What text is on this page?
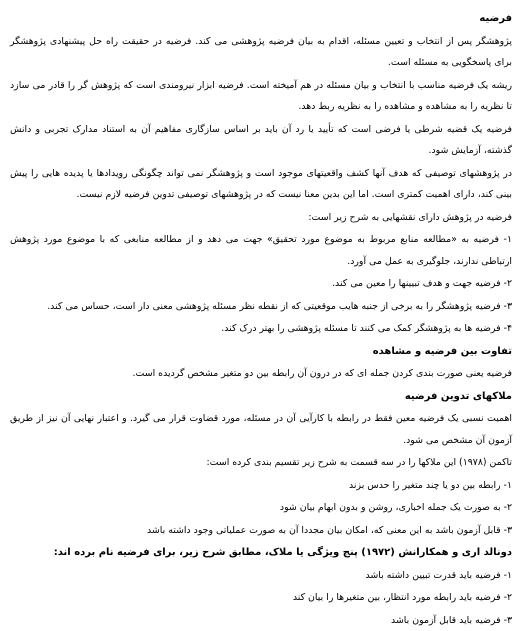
فرضیه

پژوهشگر پس از انتخاب و تعیین مسئله، اقدام به بیان فرضیه پژوهشی می کند. فرضیه در حقیقت راه حل پیشنهادی پژوهشگر برای پاسخگویی به مسئله است.

ریشه یک فرضیه مناسب با انتخاب و بیان مسئله در هم آمیخته است. فرضیه ابزار نیرومندی است که پژوهش گر را قادر می سازد تا نظریه را به مشاهده و مشاهده را به نظریه ربط دهد.

فرضیه یک قضیه شرطی یا فرضی است که تأیید یا رد آن باید بر اساس سازگاری مفاهیم آن به استناد مدارک تجربی و دانش گذشته، آزمایش شود.

در پژوهشهای توصیفی که هدف آنها کشف واقعیتهای موجود است و پژوهشگر نمی تواند چگونگی رویدادها یا پدیده هایی را پیش بینی کند، دارای اهمیت کمتری است. اما این بدین معنا نیست که در پژوهشهای توصیفی تدوین فرضیه لازم نیست.

فرضیه در پژوهش دارای نقشهایی به شرح زیر است:

۱- فرضیه به «مطالعه منابع مربوط به موضوع مورد تحقیق» جهت می دهد و از مطالعه منابعی که با موضوع مورد پژوهش ارتباطی ندارند، جلوگیری به عمل می آورد.

۲- فرضیه جهت و هدف تبیینها را معین می کند.

۳- فرضیه پژوهشگر را به برخی از جنبه هایب موقعیتی که از نقطه نظر مسئله پژوهشی معنی دار است، حساس می کند.

۴- فرضیه ها به پژوهشگر کمک می کنند تا مسئله پژوهشی را بهتر درک کند.

تفاوت بین فرضیه و مشاهده

فرضیه یعنی صورت بندی کردن جمله ای که در درون آن رابطه بین دو متغیر مشخص گردیده است.

ملاکهای تدوین فرضیه

اهمیت نسبی یک فرضیه معین فقط در رابطه با کارآیی آن در مسئله، مورد قضاوت قرار می گیرد. و اعتبار نهایی آن نیز از طریق آزمون آن مشخص می شود.

تاکمن (۱۹۷۸) این ملاکها را در سه قسمت به شرح زیر تقسیم بندی کرده است:

۱- رابطه بین دو یا چند متغیر را حدس بزند

۲- به صورت یک جمله اخباری، روشن و بدون ابهام بیان شود

۳- قابل آزمون باشد به این معنی که، امکان بیان مجددا آن به صورت عملیاتی وجود داشته باشد

دونالد اری و همکارانش (۱۹۷۲) پنج ویژگی یا ملاک، مطابق شرح زیر، برای فرضیه نام برده اند:

۱- فرضیه باید قدرت تبیین داشته باشد

۲- فرضیه باید رابطه مورد انتظار، بین متغیرها را بیان کند

۳- فرضیه باید قابل آزمون باشد
